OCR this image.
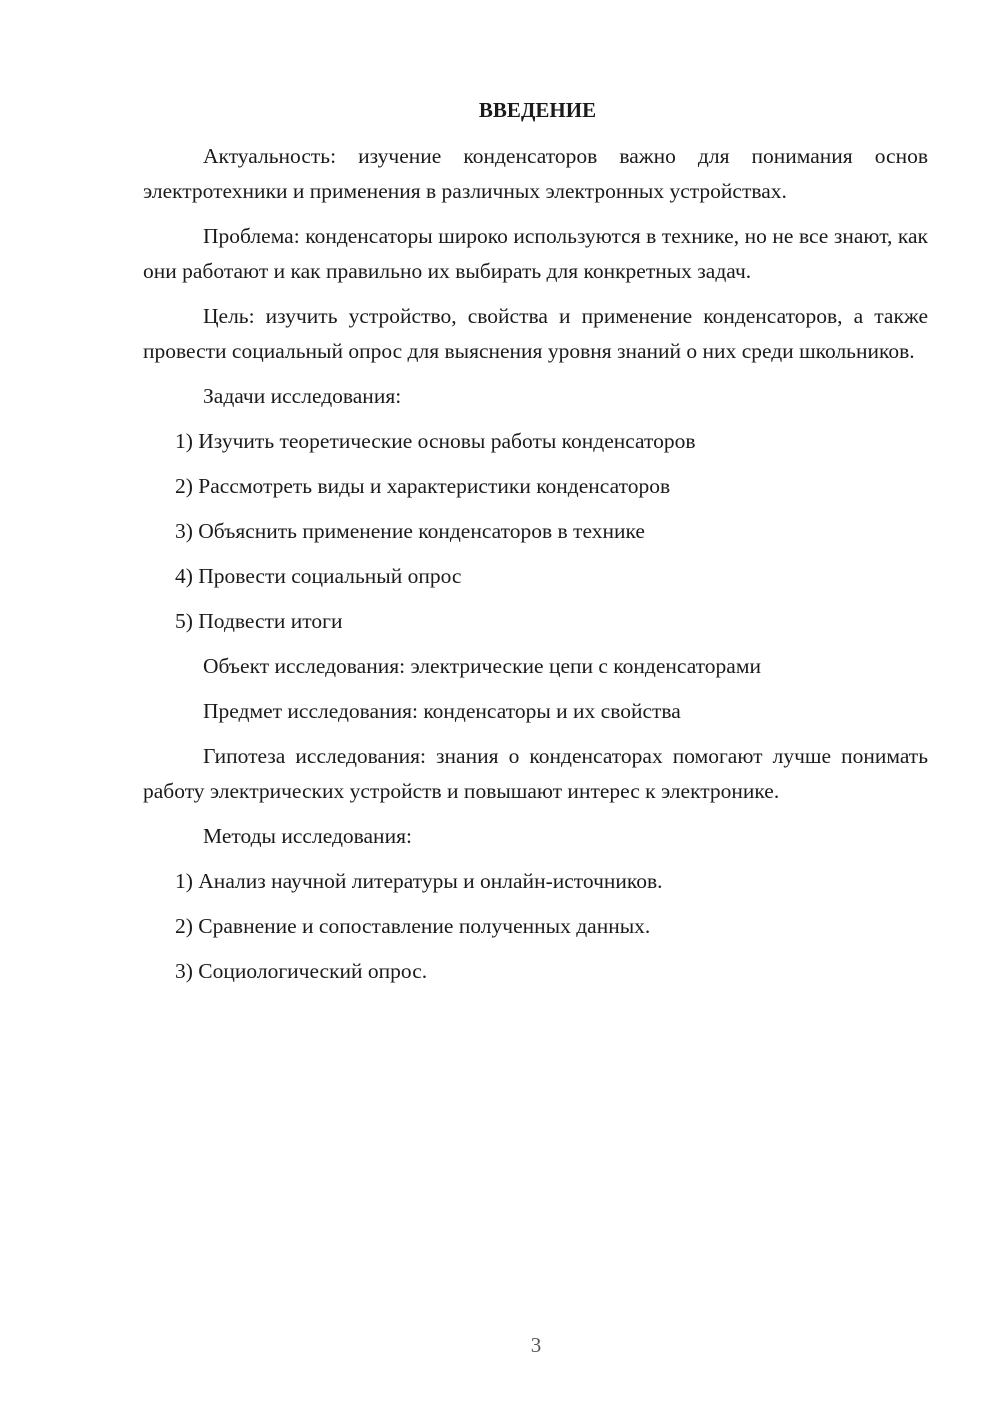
ВВЕДЕНИЕ
Актуальность: изучение конденсаторов важно для понимания основ электротехники и применения в различных электронных устройствах.
Проблема: конденсаторы широко используются в технике, но не все знают, как они работают и как правильно их выбирать для конкретных задач.
Цель: изучить устройство, свойства и применение конденсаторов, а также провести социальный опрос для выяснения уровня знаний о них среди школьников.
Задачи исследования:
1) Изучить теоретические основы работы конденсаторов
2) Рассмотреть виды и характеристики конденсаторов
3) Объяснить применение конденсаторов в технике
4) Провести социальный опрос
5) Подвести итоги
Объект исследования: электрические цепи с конденсаторами
Предмет исследования: конденсаторы и их свойства
Гипотеза исследования: знания о конденсаторах помогают лучше понимать работу электрических устройств и повышают интерес к электронике.
Методы исследования:
1) Анализ научной литературы и онлайн-источников.
2) Сравнение и сопоставление полученных данных.
3) Социологический опрос.
3
